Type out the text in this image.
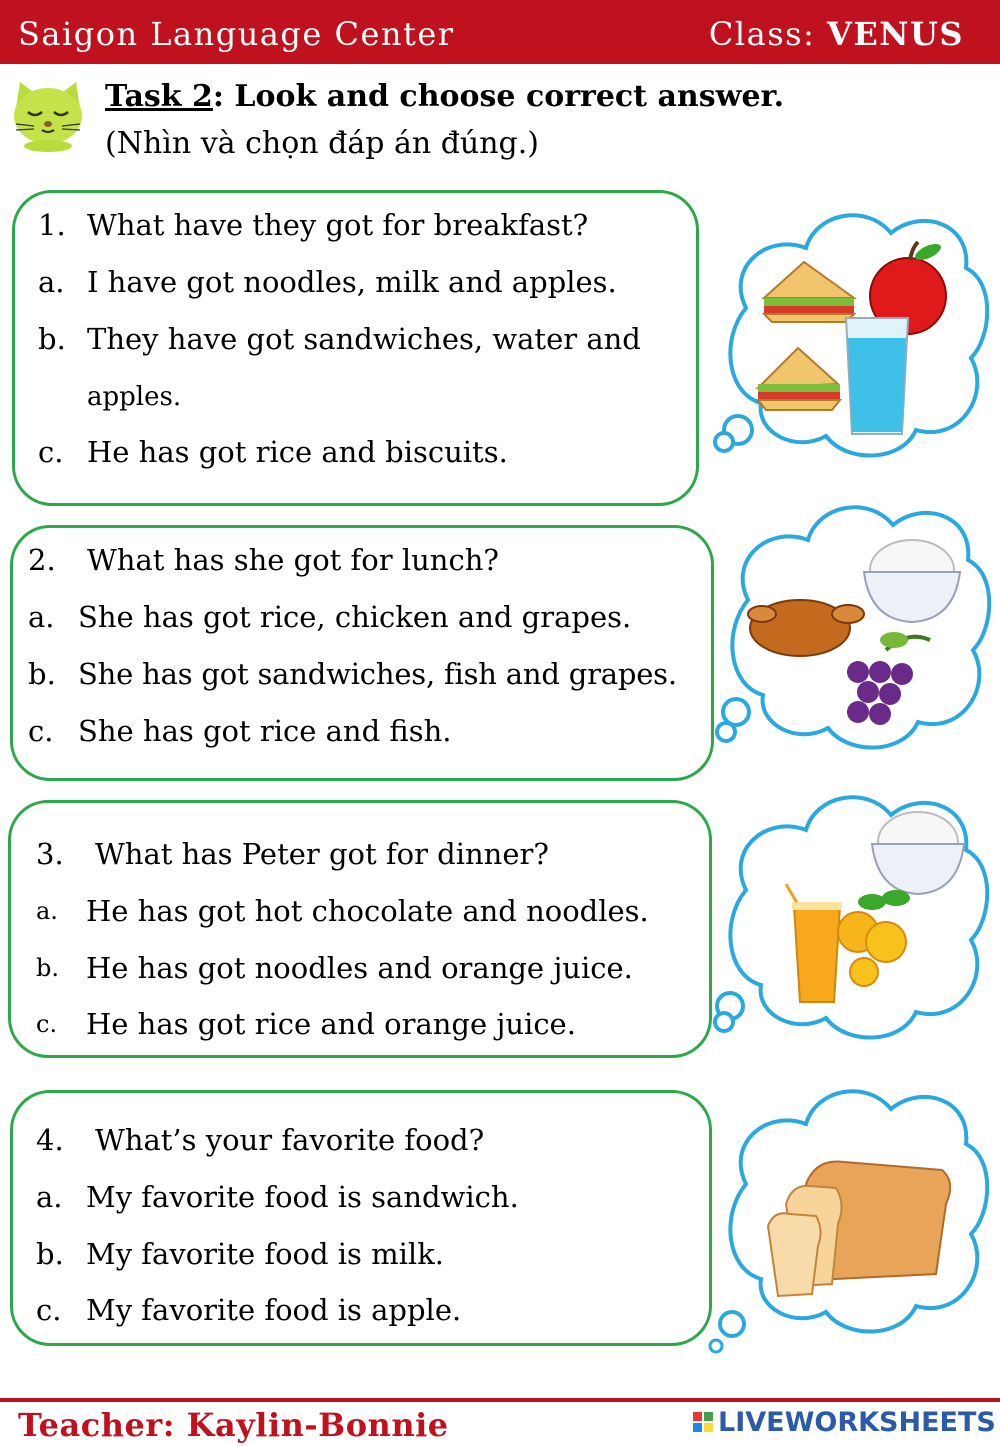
Saigon Language Center	Class: VENUS
Task 2: Look and choose correct answer.
(Nhìn và chọn đáp án đúng.)
1. What have they got for breakfast?
a. I have got noodles, milk and apples.
b. They have got sandwiches, water and
apples.
c. He has got rice and biscuits.
2. What has she got for lunch?
a. She has got rice, chicken and grapes.
b. She has got sandwiches, fish and grapes.
c. She has got rice and fish.
3. What has Peter got for dinner?
a. He has got hot chocolate and noodles.
b. He has got noodles and orange juice.
c. He has got rice and orange juice.
4. What’s your favorite food?
a. My favorite food is sandwich.
b. My favorite food is milk.
c. My favorite food is apple.
Teacher: Kaylin-Bonnie	LIVEWORKSHEETS
